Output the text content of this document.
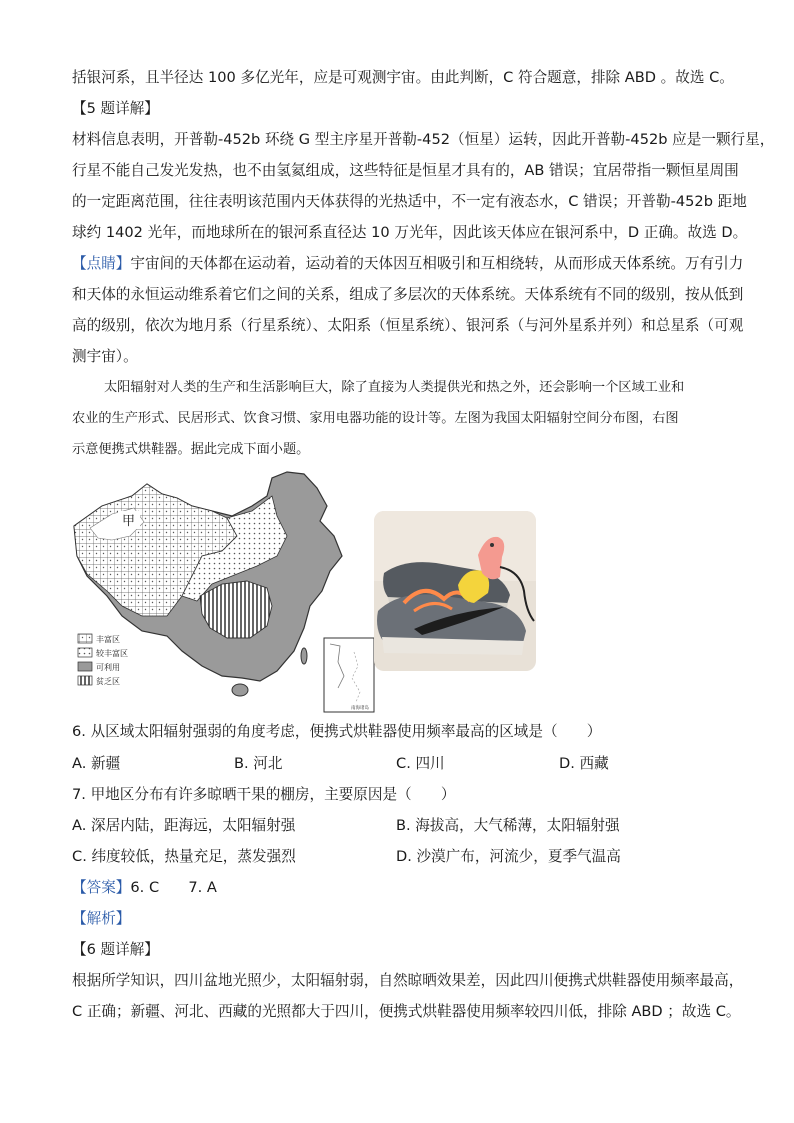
括银河系，且半径达 100 多亿光年，应是可观测宇宙。由此判断，C 符合题意，排除 ABD 。故选 C。
【5 题详解】
材料信息表明，开普勒-452b 环绕 G 型主序星开普勒-452（恒星）运转，因此开普勒-452b 应是一颗行星，
行星不能自己发光发热，也不由氢氦组成，这些特征是恒星才具有的，AB 错误；宜居带指一颗恒星周围
的一定距离范围，往往表明该范围内天体获得的光热适中，不一定有液态水，C 错误；开普勒-452b 距地
球约 1402 光年，而地球所在的银河系直径达 10 万光年，因此该天体应在银河系中，D 正确。故选 D。
【点睛】宇宙间的天体都在运动着，运动着的天体因互相吸引和互相绕转，从而形成天体系统。万有引力
和天体的永恒运动维系着它们之间的关系，组成了多层次的天体系统。天体系统有不同的级别，按从低到
高的级别，依次为地月系（行星系统）、太阳系（恒星系统）、银河系（与河外星系并列）和总星系（可观
测宇宙）。
太阳辐射对人类的生产和生活影响巨大，除了直接为人类提供光和热之外，还会影响一个区域工业和
农业的生产形式、民居形式、饮食习惯、家用电器功能的设计等。左图为我国太阳辐射空间分布图，右图
示意便携式烘鞋器。据此完成下面小题。
甲
丰富区
较丰富区
可利用
贫乏区
南海诸岛
6. 从区域太阳辐射强弱的角度考虑，便携式烘鞋器使用频率最高的区域是（　　）
A. 新疆	B. 河北	C. 四川	D. 西藏
7. 甲地区分布有许多晾晒干果的棚房，主要原因是（　　）
A. 深居内陆，距海远，太阳辐射强	B. 海拔高，大气稀薄，太阳辐射强
C. 纬度较低，热量充足，蒸发强烈	D. 沙漠广布，河流少，夏季气温高
【答案】6. C　　7. A
【解析】
【6 题详解】
根据所学知识，四川盆地光照少，太阳辐射弱，自然晾晒效果差，因此四川便携式烘鞋器使用频率最高，
C 正确；新疆、河北、西藏的光照都大于四川，便携式烘鞋器使用频率较四川低，排除 ABD ；故选 C。
